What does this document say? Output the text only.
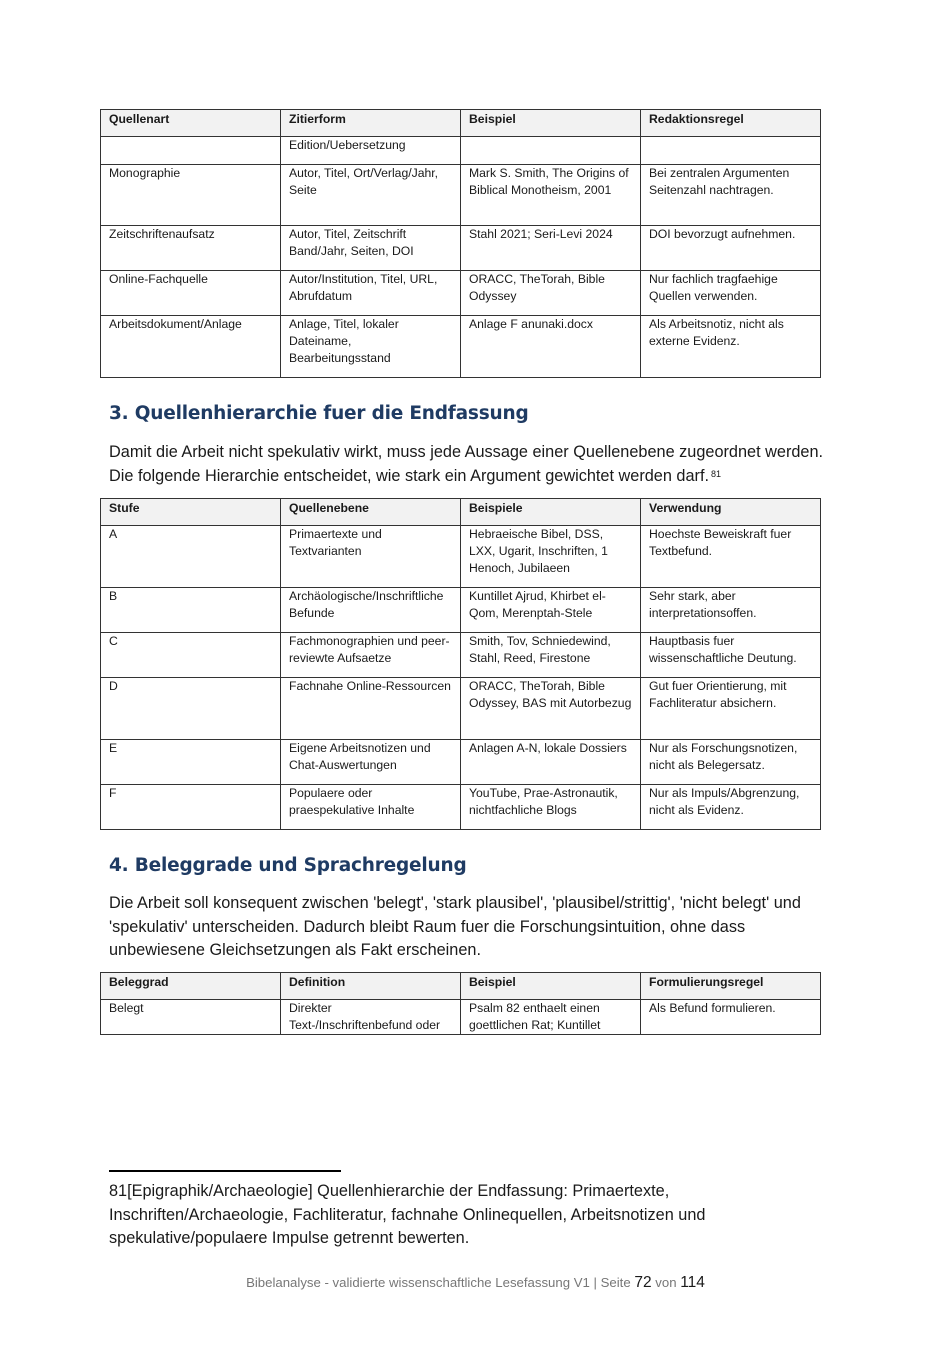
Quellenart	Zitierform	Beispiel	Redaktionsregel
	Edition/Uebersetzung		
Monographie	Autor, Titel, Ort/Verlag/Jahr, Seite	Mark S. Smith, The Origins of Biblical Monotheism, 2001	Bei zentralen Argumenten Seitenzahl nachtragen.
Zeitschriftenaufsatz	Autor, Titel, Zeitschrift Band/Jahr, Seiten, DOI	Stahl 2021; Seri-Levi 2024	DOI bevorzugt aufnehmen.
Online-Fachquelle	Autor/Institution, Titel, URL, Abrufdatum	ORACC, TheTorah, Bible Odyssey	Nur fachlich tragfaehige Quellen verwenden.
Arbeitsdokument/Anlage	Anlage, Titel, lokaler Dateiname, Bearbeitungsstand	Anlage F anunaki.docx	Als Arbeitsnotiz, nicht als externe Evidenz.
3. Quellenhierarchie fuer die Endfassung

Damit die Arbeit nicht spekulativ wirkt, muss jede Aussage einer Quellenebene zugeordnet werden. Die folgende Hierarchie entscheidet, wie stark ein Argument gewichtet werden darf. $^{81}$

Stufe	Quellenebene	Beispiele	Verwendung
A	Primaertexte und Textvarianten	Hebraeische Bibel, DSS, LXX, Ugarit, Inschriften, 1 Henoch, Jubilaeen	Hoechste Beweiskraft fuer Textbefund.
B	Archäologische/Inschriftliche Befunde	Kuntillet Ajrud, Khirbet el-Qom, Merenptah-Stele	Sehr stark, aber interpretationsoffen.
C	Fachmonographien und peer-reviewte Aufsaetze	Smith, Tov, Schniedewind, Stahl, Reed, Firestone	Hauptbasis fuer wissenschaftliche Deutung.
D	Fachnahe Online-Ressourcen	ORACC, TheTorah, Bible Odyssey, BAS mit Autorbezug	Gut fuer Orientierung, mit Fachliteratur absichern.
E	Eigene Arbeitsnotizen und Chat-Auswertungen	Anlagen A-N, lokale Dossiers	Nur als Forschungsnotizen, nicht als Belegersatz.
F	Populaere oder praespekulative Inhalte	YouTube, Prae-Astronautik, nichtfachliche Blogs	Nur als Impuls/Abgrenzung, nicht als Evidenz.
4. Beleggrade und Sprachregelung

Die Arbeit soll konsequent zwischen 'belegt', 'stark plausibel', 'plausibel/strittig', 'nicht belegt' und 'spekulativ' unterscheiden. Dadurch bleibt Raum fuer die Forschungsintuition, ohne dass unbewiesene Gleichsetzungen als Fakt erscheinen.

Beleggrad	Definition	Beispiel	Formulierungsregel
Belegt	Direkter Text-/Inschriftenbefund oder	Psalm 82 enthaelt einen goettlichen Rat; Kuntillet	Als Befund formulieren.

81[Epigraphik/Archaeologie] Quellenhierarchie der Endfassung: Primaertexte, Inschriften/Archaeologie, Fachliteratur, fachnahe Onlinequellen, Arbeitsnotizen und spekulative/populaere Impulse getrennt bewerten.

Bibelanalyse - validierte wissenschaftliche Lesefassung V1 | Seite 72 von 114
